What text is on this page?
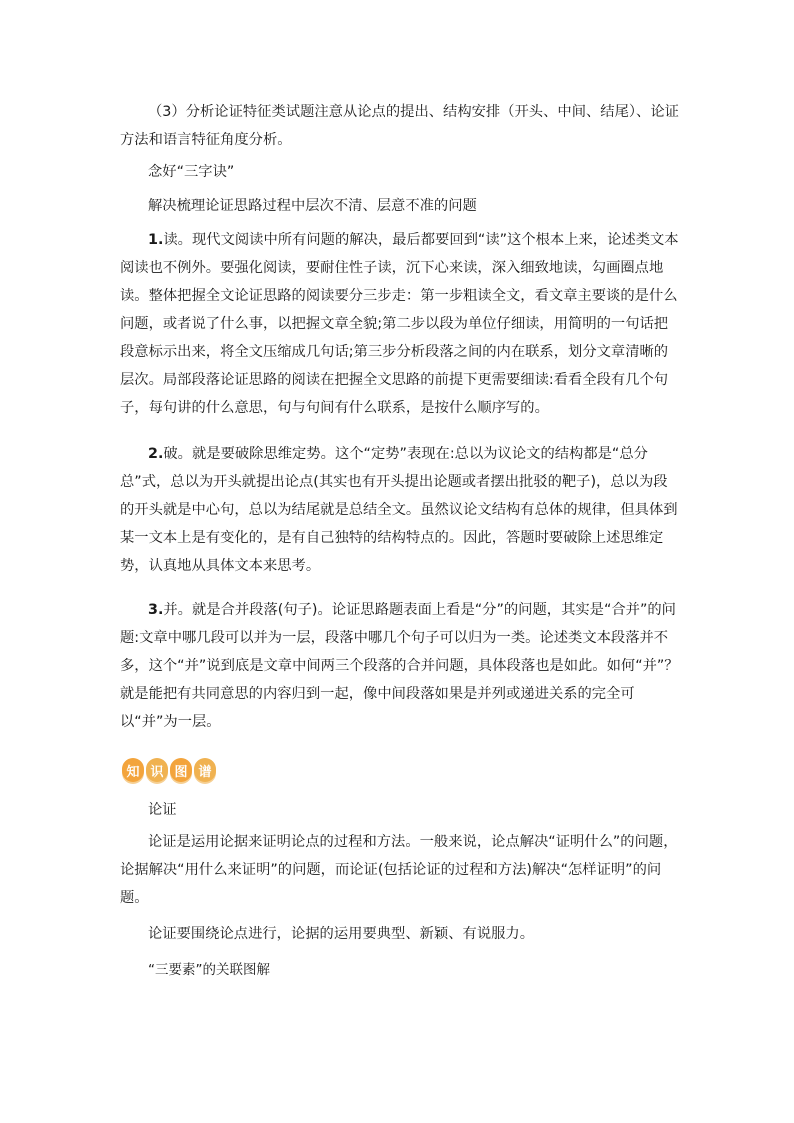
（3）分析论证特征类试题注意从论点的提出、结构安排（开头、中间、结尾）、论证方法和语言特征角度分析。
念好“三字诀”
解决梳理论证思路过程中层次不清、层意不准的问题
1.读。现代文阅读中所有问题的解决，最后都要回到“读”这个根本上来，论述类文本阅读也不例外。要强化阅读，要耐住性子读，沉下心来读，深入细致地读，勾画圈点地读。整体把握全文论证思路的阅读要分三步走：第一步粗读全文，看文章主要谈的是什么问题，或者说了什么事，以把握文章全貌;第二步以段为单位仔细读，用简明的一句话把段意标示出来，将全文压缩成几句话;第三步分析段落之间的内在联系，划分文章清晰的层次。局部段落论证思路的阅读在把握全文思路的前提下更需要细读:看看全段有几个句子，每句讲的什么意思，句与句间有什么联系，是按什么顺序写的。
2.破。就是要破除思维定势。这个“定势”表现在:总以为议论文的结构都是“总分总”式，总以为开头就提出论点(其实也有开头提出论题或者摆出批驳的靶子)，总以为段的开头就是中心句，总以为结尾就是总结全文。虽然议论文结构有总体的规律，但具体到某一文本上是有变化的，是有自己独特的结构特点的。因此，答题时要破除上述思维定势，认真地从具体文本来思考。
3.并。就是合并段落(句子)。论证思路题表面上看是“分”的问题，其实是“合并”的问题:文章中哪几段可以并为一层，段落中哪几个句子可以归为一类。论述类文本段落并不多，这个“并”说到底是文章中间两三个段落的合并问题，具体段落也是如此。如何“并”？就是能把有共同意思的内容归到一起，像中间段落如果是并列或递进关系的完全可以“并”为一层。
知 识 图 谱
论证
论证是运用论据来证明论点的过程和方法。一般来说，论点解决“证明什么”的问题，论据解决“用什么来证明”的问题，而论证(包括论证的过程和方法)解决“怎样证明”的问题。
论证要围绕论点进行，论据的运用要典型、新颖、有说服力。
“三要素”的关联图解
